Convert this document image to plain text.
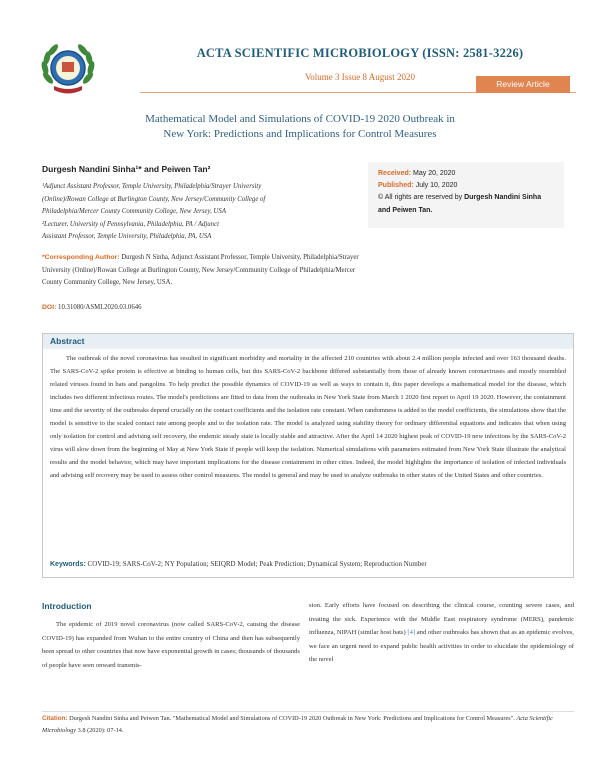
ACTA SCIENTIFIC MICROBIOLOGY (ISSN: 2581-3226)
Volume 3 Issue 8 August 2020
Review Article
Mathematical Model and Simulations of COVID-19 2020 Outbreak in
New York: Predictions and Implications for Control Measures
Durgesh Nandini Sinha¹* and Peiwen Tan²
¹Adjunct Assistant Professor, Temple University, Philadelphia/Strayer University
(Online)/Rowan College at Burlington County, New Jersey/Community College of
Philadelphia/Mercer County Community College, New Jersey, USA
²Lecturer, University of Pennsylvania, Philadelphia, PA / Adjunct
Assistant Professor, Temple University, Philadelphia, PA, USA
*Corresponding Author: Durgesh N Sinha, Adjunct Assistant Professor, Temple University, Philadelphia/Strayer University (Online)/Rowan College at Burlington County, New Jersey/Community College of Philadelphia/Mercer County Community College, New Jersey, USA.
DOI: 10.31080/ASMI.2020.03.0646
Received: May 20, 2020
Published: July 10, 2020
© All rights are reserved by Durgesh Nandini Sinha and Peiwen Tan.
Abstract
The outbreak of the novel coronavirus has resulted in significant morbidity and mortality in the affected 210 countries with about 2.4 million people infected and over 163 thousand deaths. The SARS-CoV-2 spike protein is effective at binding to human cells, but this SARS-CoV-2 backbone differed substantially from those of already known coronaviruses and mostly resembled related viruses found in bats and pangolins. To help predict the possible dynamics of COVID-19 as well as ways to contain it, this paper develops a mathematical model for the disease, which includes two different infectious routes. The model's predictions are fitted to data from the outbreaks in New York State from March 1 2020 first report to April 19 2020. However, the containment time and the severity of the outbreaks depend crucially on the contact coefficients and the isolation rate constant. When randomness is added to the model coefficients, the simulations show that the model is sensitive to the scaled contact rate among people and to the isolation rate. The model is analyzed using stability theory for ordinary differential equations and indicates that when using only isolation for control and advising self recovery, the endemic steady state is locally stable and attractive. After the April 14 2020 highest peak of COVID-19 new infections by the SARS-CoV-2 virus will slow down from the beginning of May at New York State if people will keep the isolation. Numerical simulations with parameters estimated from New York State illustrate the analytical results and the model behavior, which may have important implications for the disease containment in other cities. Indeed, the model highlights the importance of isolation of infected individuals and advising self recovery may be used to assess other control measures. The model is general and may be used to analyze outbreaks in other states of the United States and other countries.
Keywords: COVID-19; SARS-CoV-2; NY Population; SEIQRD Model; Peak Prediction; Dynamical System; Reproduction Number
Introduction
The epidemic of 2019 novel coronavirus (now called SARS-CoV-2, causing the disease COVID-19) has expanded from Wuhan to the entire country of China and then has subsequently been spread to other countries that now have exponential growth in cases; thousands of thousands of people have seen onward transmis-
sion. Early efforts have focused on describing the clinical course, counting severe cases, and treating the sick. Experience with the Middle East respiratory syndrome (MERS), pandemic influenza, NIPAH (similar host bats) [4] and other outbreaks has shown that as an epidemic evolves, we face an urgent need to expand public health activities in order to elucidate the epidemiology of the novel
Citation: Durgesh Nandini Sinha and Peiwen Tan. "Mathematical Model and Simulations of COVID-19 2020 Outbreak in New York: Predictions and Implications for Control Measures". Acta Scientific Microbiology 3.8 (2020): 07-14.
